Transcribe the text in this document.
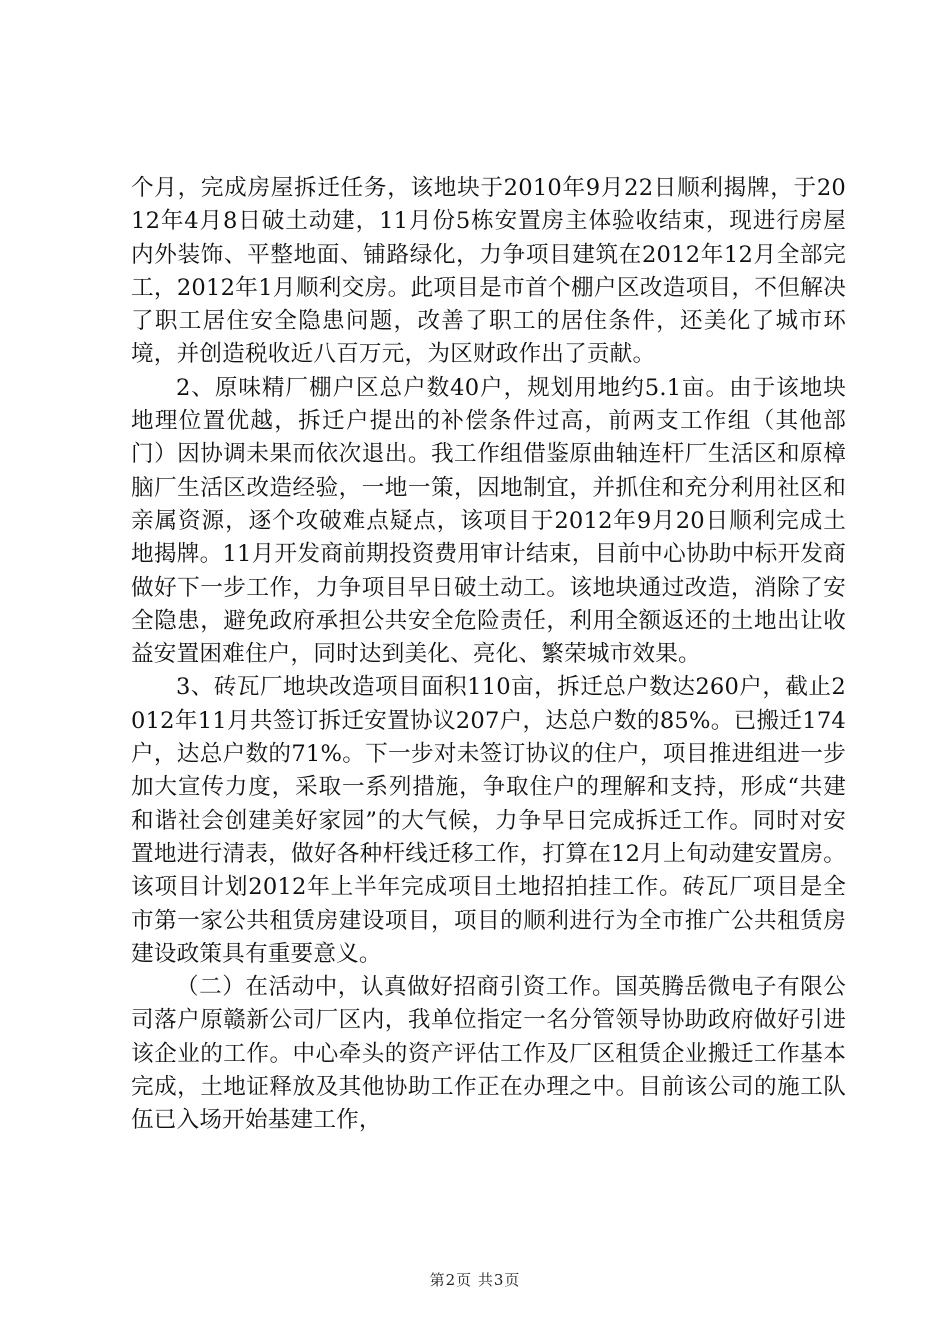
个月，完成房屋拆迁任务，该地块于2010年9月22日顺利揭牌，于2012年4月8日破土动建，11月份5栋安置房主体验收结束，现进行房屋内外装饰、平整地面、铺路绿化，力争项目建筑在2012年12月全部完工，2012年1月顺利交房。此项目是市首个棚户区改造项目，不但解决了职工居住安全隐患问题，改善了职工的居住条件，还美化了城市环境，并创造税收近八百万元，为区财政作出了贡献。

2、原味精厂棚户区总户数40户，规划用地约5.1亩。由于该地块地理位置优越，拆迁户提出的补偿条件过高，前两支工作组（其他部门）因协调未果而依次退出。我工作组借鉴原曲轴连杆厂生活区和原樟脑厂生活区改造经验，一地一策，因地制宜，并抓住和充分利用社区和亲属资源，逐个攻破难点疑点，该项目于2012年9月20日顺利完成土地揭牌。11月开发商前期投资费用审计结束，目前中心协助中标开发商做好下一步工作，力争项目早日破土动工。该地块通过改造，消除了安全隐患，避免政府承担公共安全危险责任，利用全额返还的土地出让收益安置困难住户，同时达到美化、亮化、繁荣城市效果。

3、砖瓦厂地块改造项目面积110亩，拆迁总户数达260户，截止2012年11月共签订拆迁安置协议207户，达总户数的85%。已搬迁174户，达总户数的71%。下一步对未签订协议的住户，项目推进组进一步加大宣传力度，采取一系列措施，争取住户的理解和支持，形成“共建和谐社会创建美好家园”的大气候，力争早日完成拆迁工作。同时对安置地进行清表，做好各种杆线迁移工作，打算在12月上旬动建安置房。该项目计划2012年上半年完成项目土地招拍挂工作。砖瓦厂项目是全市第一家公共租赁房建设项目，项目的顺利进行为全市推广公共租赁房建设政策具有重要意义。

（二）在活动中，认真做好招商引资工作。国英腾岳微电子有限公司落户原赣新公司厂区内，我单位指定一名分管领导协助政府做好引进该企业的工作。中心牵头的资产评估工作及厂区租赁企业搬迁工作基本完成，土地证释放及其他协助工作正在办理之中。目前该公司的施工队伍已入场开始基建工作，

第2页 共3页
